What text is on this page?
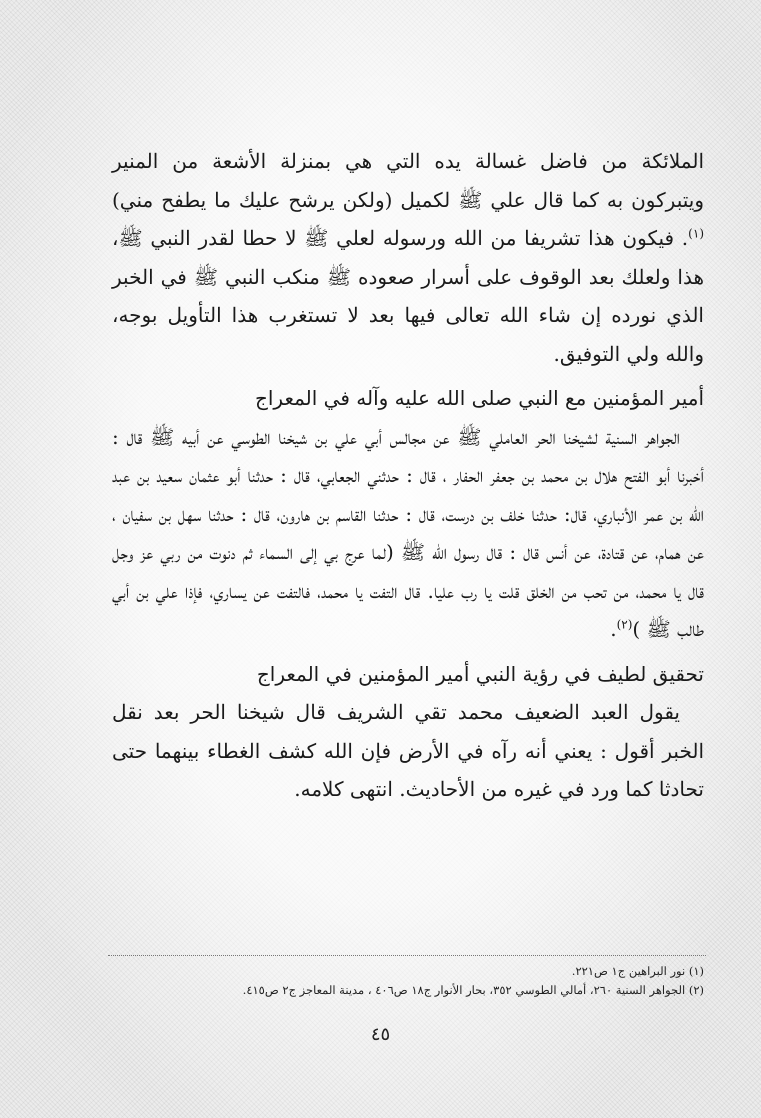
الملائكة من فاضل غسالة يده التي هي بمنزلة الأشعة من المنير ويتبركون به كما قال علي ﷺ لكميل (ولكن يرشح عليك ما يطفح مني)$^{(١)}$. فيكون هذا تشريفا من الله ورسوله لعلي ﷺ لا حطا لقدر النبي ﷺ، هذا ولعلك بعد الوقوف على أسرار صعوده ﷺ منكب النبي ﷺ في الخبر الذي نورده إن شاء الله تعالى فيها بعد لا تستغرب هذا التأويل بوجه، والله ولي التوفيق.

أمير المؤمنين مع النبي صلى الله عليه وآله في المعراج

الجواهر السنية لشيخنا الحر العاملي ﷺ عن مجالس أبي علي بن شيخنا الطوسي عن أبيه ﷺ قال : أخبرنا أبو الفتح هلال بن محمد بن جعفر الحفار ، قال : حدثني الجعابي، قال : حدثنا أبو عثمان سعيد بن عبد الله بن عمر الأنباري، قال: حدثنا خلف بن درست، قال : حدثنا القاسم بن هارون، قال : حدثنا سهل بن سفيان ، عن همام، عن قتادة، عن أنس قال : قال رسول الله ﷺ (لما عرج بي إلى السماء ثم دنوت من ربي عز وجل قال يا محمد، من تحب من الخلق قلت يا رب عليا. قال التفت يا محمد، فالتفت عن يساري، فإذا علي بن أبي طالب ﷺ )$^{(٢)}$.

تحقيق لطيف في رؤية النبي أمير المؤمنين في المعراج

يقول العبد الضعيف محمد تقي الشريف قال شيخنا الحر بعد نقل الخبر أقول : يعني أنه رآه في الأرض فإن الله كشف الغطاء بينهما حتى تحادثا كما ورد في غيره من الأحاديث. انتهى كلامه.

(١) نور البراهين ج١ ص٢٢١.
(٢) الجواهر السنية ٢٦٠، أمالي الطوسي ٣٥٢، بحار الأنوار ج١٨ ص٤٠٦ ، مدينة المعاجز ج٢ ص٤١٥.
٤٥
